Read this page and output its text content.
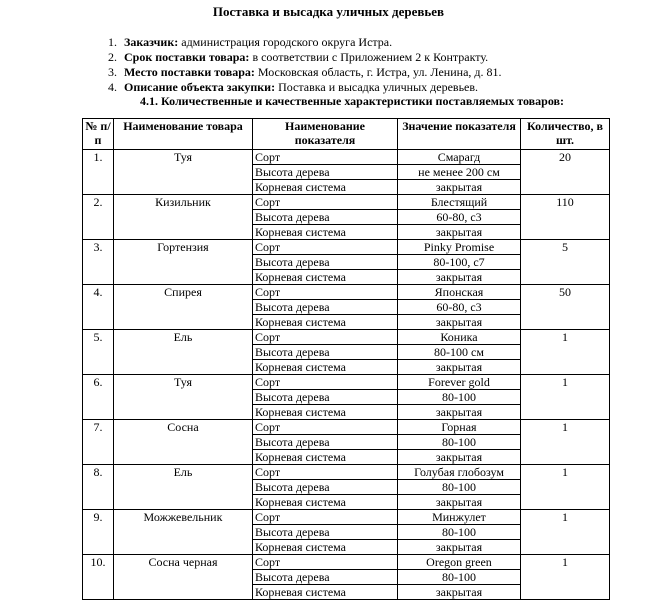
Поставка и высадка уличных деревьев
1. Заказчик: администрация городского округа Истра.
2. Срок поставки товара: в соответствии с Приложением 2 к Контракту.
3. Место поставки товара: Московская область, г. Истра, ул. Ленина, д. 81.
4. Описание объекта закупки: Поставка и высадка уличных деревьев.
4.1. Количественные и качественные характеристики поставляемых товаров:
№ п/п	Наименование товара	Наименование показателя	Значение показателя	Количество, в шт.
1.	Туя	Сорт	Смарагд	20
		Высота дерева	не менее 200 см	
		Корневая система	закрытая	
2.	Кизильник	Сорт	Блестящий	110
		Высота дерева	60-80, с3	
		Корневая система	закрытая	
3.	Гортензия	Сорт	Pinky Promise	5
		Высота дерева	80-100, с7	
		Корневая система	закрытая	
4.	Спирея	Сорт	Японская	50
		Высота дерева	60-80, с3	
		Корневая система	закрытая	
5.	Ель	Сорт	Коника	1
		Высота дерева	80-100 см	
		Корневая система	закрытая	
6.	Туя	Сорт	Forever gold	1
		Высота дерева	80-100	
		Корневая система	закрытая	
7.	Сосна	Сорт	Горная	1
		Высота дерева	80-100	
		Корневая система	закрытая	
8.	Ель	Сорт	Голубая глобозум	1
		Высота дерева	80-100	
		Корневая система	закрытая	
9.	Можжевельник	Сорт	Минжулет	1
		Высота дерева	80-100	
		Корневая система	закрытая	
10.	Сосна черная	Сорт	Oregon green	1
		Высота дерева	80-100	
		Корневая система	закрытая	
